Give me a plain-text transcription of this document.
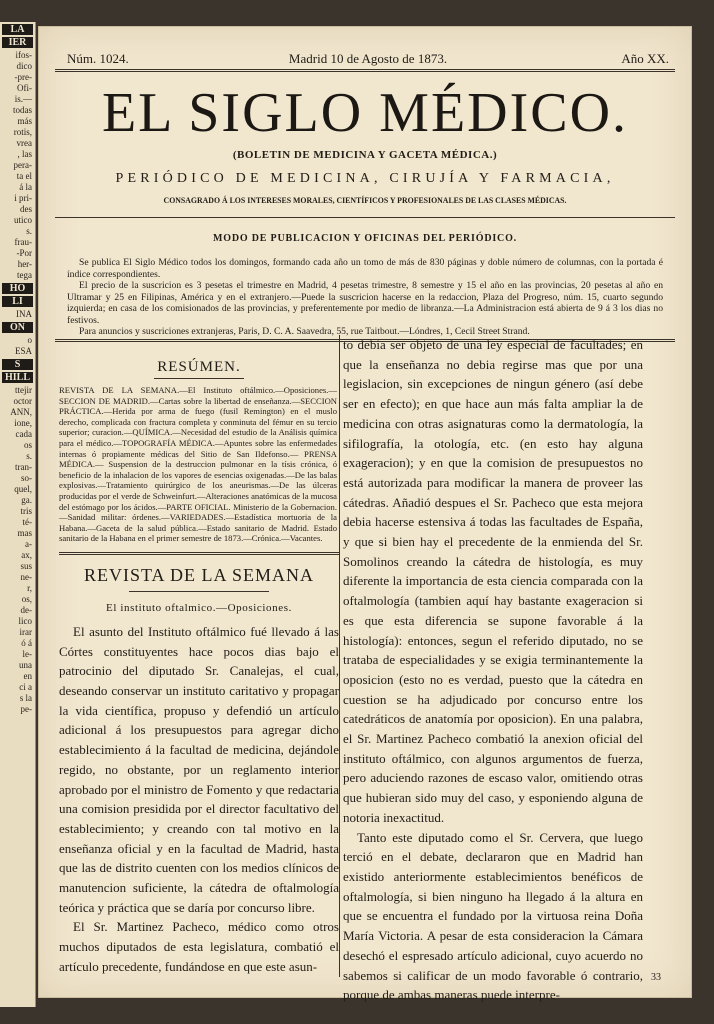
LA
IER
ifos-
dico
-pre-
Ofi-
is.—
todas
más
rotis,
vrea
, las
pera-
ta el
á la
i pri-
des
utico
s.
frau-
-Por
her-
tega
HO
LI
INA
ON
o
ESA
S
HILL
ttejir
octor
ANN,
ione,
cada
os
s.
tran-
so-
quel,
ga.
tris
té-
mas
a-
ax,
sus
ne-
r,
os,
de-
lico
irar
ó á
le-
una
en
ci a
s la
pe-
Núm. 1024.	Madrid 10 de Agosto de 1873.	Año XX.
EL SIGLO MÉDICO.
(BOLETIN DE MEDICINA Y GACETA MÉDICA.)
PERIÓDICO DE MEDICINA, CIRUJÍA Y FARMACIA,
CONSAGRADO Á LOS INTERESES MORALES, CIENTÍFICOS Y PROFESIONALES DE LAS CLASES MÉDICAS.
MODO DE PUBLICACION Y OFICINAS DEL PERIÓDICO.

Se publica El Siglo Médico todos los domingos, formando cada año un tomo de más de 830 páginas y doble número de columnas, con la portada é índice correspondientes.

El precio de la suscricion es 3 pesetas el trimestre en Madrid, 4 pesetas trimestre, 8 semestre y 15 el año en las provincias, 20 pesetas al año en Ultramar y 25 en Filipinas, América y en el extranjero.—Puede la suscricion hacerse en la redaccion, Plaza del Progreso, núm. 15, cuarto segundo izquierda; en casa de los comisionados de las provincias, y preferentemente por medio de libranza.—La Administracion está abierta de 9 á 3 los dias no festivos.

Para anuncios y suscriciones extranjeras, Paris, D. C. A. Saavedra, 55, rue Taitbout.—Lóndres, 1, Cecil Street Strand.

RESÚMEN.

REVISTA DE LA SEMANA.—El Instituto oftálmico.—Oposiciones.—SECCION DE MADRID.—Cartas sobre la libertad de enseñanza.—SECCION PRÁCTICA.—Herida por arma de fuego (fusil Remington) en el muslo derecho, complicada con fractura completa y conminuta del fémur en su tercio superior; curacion.—QUÍMICA.—Necesidad del estudio de la Análisis química para el médico.—TOPOGRAFÍA MÉDICA.—Apuntes sobre las enfermedades internas ó propiamente médicas del Sitio de San Ildefonso.— PRENSA MÉDICA.— Suspension de la destruccion pulmonar en la tísis crónica, ó beneficio de la inhalacion de los vapores de esencias oxigenadas.—De las balas explosivas.—Tratamiento quirúrgico de los aneurismas.—De las úlceras producidas por el verde de Schweinfurt.—Alteraciones anatómicas de la mucosa del estómago por los ácidos.—PARTE OFICIAL. Ministerio de la Gobernacion.—Sanidad militar: órdenes.—VARIEDADES.—Estadística mortuoria de la Habana.—Gaceta de la salud pública.—Estado sanitario de Madrid. Estado sanitario de la Habana en el primer semestre de 1873.—Crónica.—Vacantes.

REVISTA DE LA SEMANA
El instituto oftalmico.—Oposiciones.

El asunto del Instituto oftálmico fué llevado á las Córtes constituyentes hace pocos dias bajo el patrocinio del diputado Sr. Canalejas, el cual, deseando conservar un instituto caritativo y propagar la vida científica, propuso y defendió un artículo adicional á los presupuestos para agregar dicho establecimiento á la facultad de medicina, dejándole regido, no obstante, por un reglamento interior aprobado por el ministro de Fomento y que redactaria una comision presidida por el director facultativo del establecimiento; y creando con tal motivo en la enseñanza oficial y en la facultad de Madrid, hasta que las de distrito cuenten con los medios clínicos de manutencion suficiente, la cátedra de oftalmología teórica y práctica que se daría por concurso libre.

El Sr. Martinez Pacheco, médico como otros muchos diputados de esta legislatura, combatió el artículo precedente, fundándose en que este asun-

to debia ser objeto de una ley especial de facultades; en que la enseñanza no debia regirse mas que por una legislacion, sin excepciones de ningun género (así debe ser en efecto); en que hace aun más falta ampliar la de medicina con otras asignaturas como la dermatología, la sifilografía, la otología, etc. (en esto hay alguna exageracion); y en que la comision de presupuestos no está autorizada para modificar la manera de proveer las cátedras. Añadió despues el Sr. Pacheco que esta mejora debia hacerse estensiva á todas las facultades de España, y que si bien hay el precedente de la enmienda del Sr. Somolinos creando la cátedra de histología, es muy diferente la importancia de esta ciencia comparada con la oftalmología (tambien aquí hay bastante exageracion si es que esta diferencia se supone favorable á la histología): entonces, segun el referido diputado, no se trataba de especialidades y se exigia terminantemente la oposicion (esto no es verdad, puesto que la cátedra en cuestion se ha adjudicado por concurso entre los catedráticos de anatomía por oposicion). En una palabra, el Sr. Martinez Pacheco combatió la anexion oficial del instituto oftálmico, con algunos argumentos de fuerza, pero aduciendo razones de escaso valor, omitiendo otras que hubieran sido muy del caso, y esponiendo alguna de notoria inexactitud.

Tanto este diputado como el Sr. Cervera, que luego terció en el debate, declararon que en Madrid han existido anteriormente establecimientos benéficos de oftalmología, si bien ninguno ha llegado á la altura en que se encuentra el fundado por la virtuosa reina Doña María Victoria. A pesar de esta consideracion la Cámara desechó el espresado artículo adicional, cuyo acuerdo no sabemos si calificar de un modo favorable ó contrario, porque de ambas maneras puede interpre-

33
